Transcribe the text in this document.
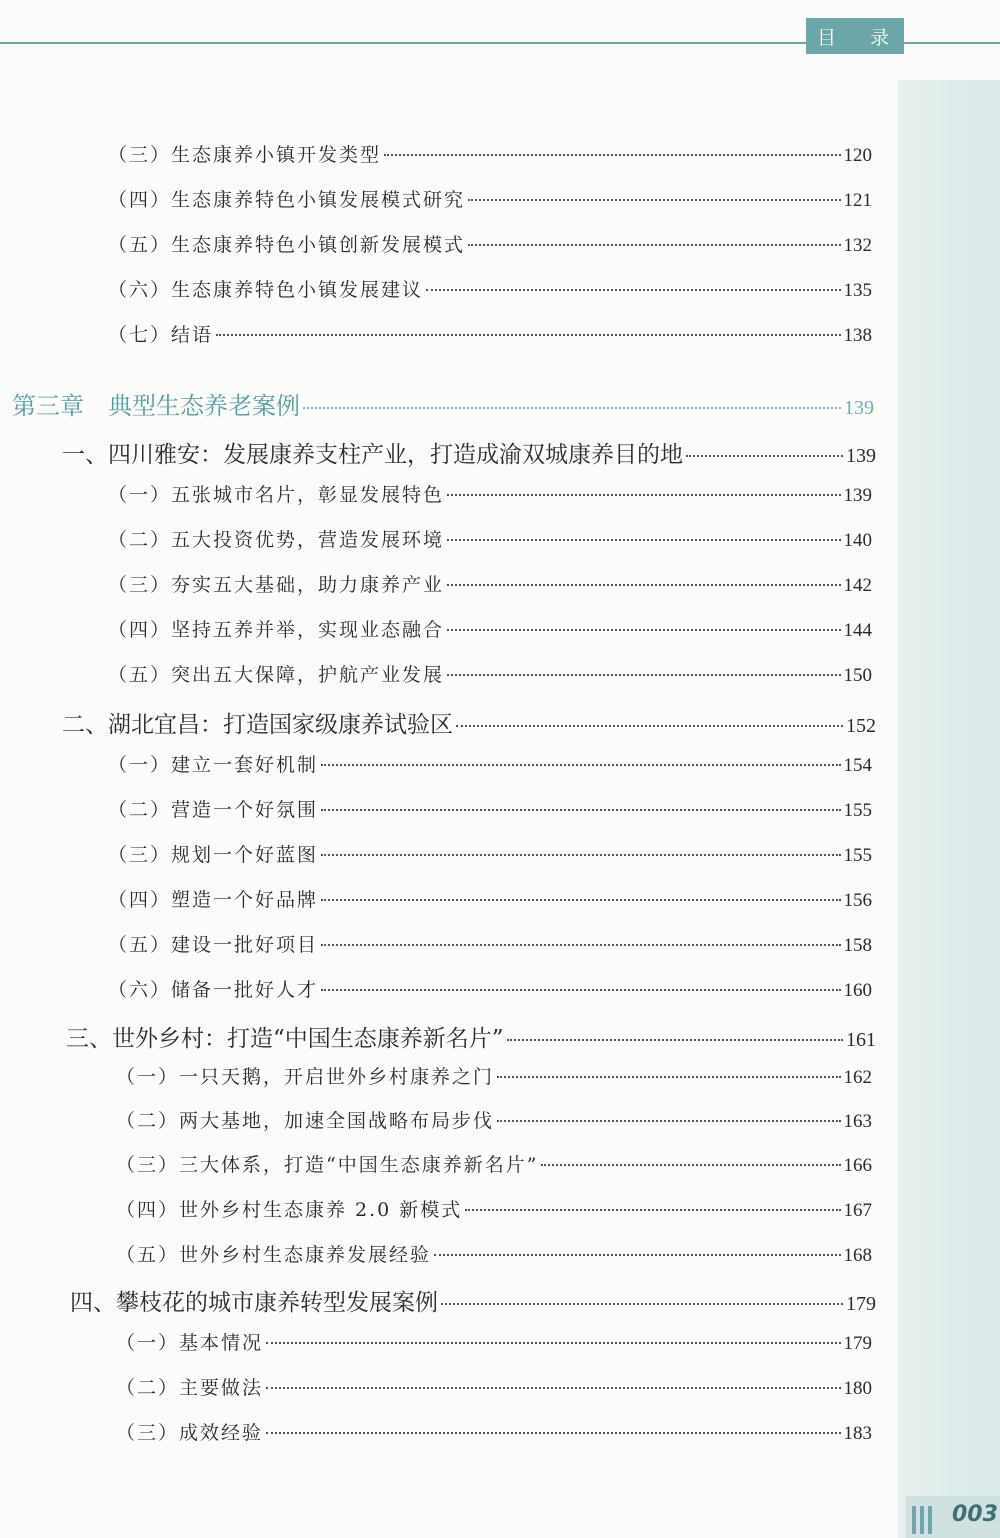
目 录
（三）生态康养小镇开发类型	120
（四）生态康养特色小镇发展模式研究	121
（五）生态康养特色小镇创新发展模式	132
（六）生态康养特色小镇发展建议	135
（七）结语	138
第三章　典型生态养老案例	139
一、四川雅安：发展康养支柱产业，打造成渝双城康养目的地	139
（一）五张城市名片，彰显发展特色	139
（二）五大投资优势，营造发展环境	140
（三）夯实五大基础，助力康养产业	142
（四）坚持五养并举，实现业态融合	144
（五）突出五大保障，护航产业发展	150
二、湖北宜昌：打造国家级康养试验区	152
（一）建立一套好机制	154
（二）营造一个好氛围	155
（三）规划一个好蓝图	155
（四）塑造一个好品牌	156
（五）建设一批好项目	158
（六）储备一批好人才	160
三、世外乡村：打造“中国生态康养新名片”	161
（一）一只天鹅，开启世外乡村康养之门	162
（二）两大基地，加速全国战略布局步伐	163
（三）三大体系，打造“中国生态康养新名片”	166
（四）世外乡村生态康养 2.0 新模式	167
（五）世外乡村生态康养发展经验	168
四、攀枝花的城市康养转型发展案例	179
（一）基本情况	179
（二）主要做法	180
（三）成效经验	183
003
